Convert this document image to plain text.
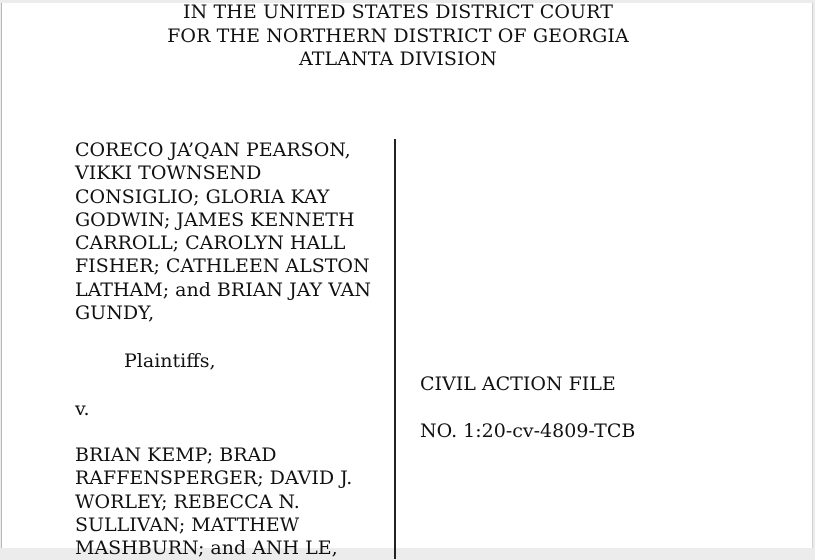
IN THE UNITED STATES DISTRICT COURT
FOR THE NORTHERN DISTRICT OF GEORGIA
ATLANTA DIVISION
CORECO JA’QAN PEARSON,
VIKKI TOWNSEND
CONSIGLIO; GLORIA KAY
GODWIN; JAMES KENNETH
CARROLL; CAROLYN HALL
FISHER; CATHLEEN ALSTON
LATHAM; and BRIAN JAY VAN
GUNDY,
Plaintiffs,
v.
BRIAN KEMP; BRAD
RAFFENSPERGER; DAVID J.
WORLEY; REBECCA N.
SULLIVAN; MATTHEW
MASHBURN; and ANH LE,
CIVIL ACTION FILE
NO. 1:20-cv-4809-TCB
